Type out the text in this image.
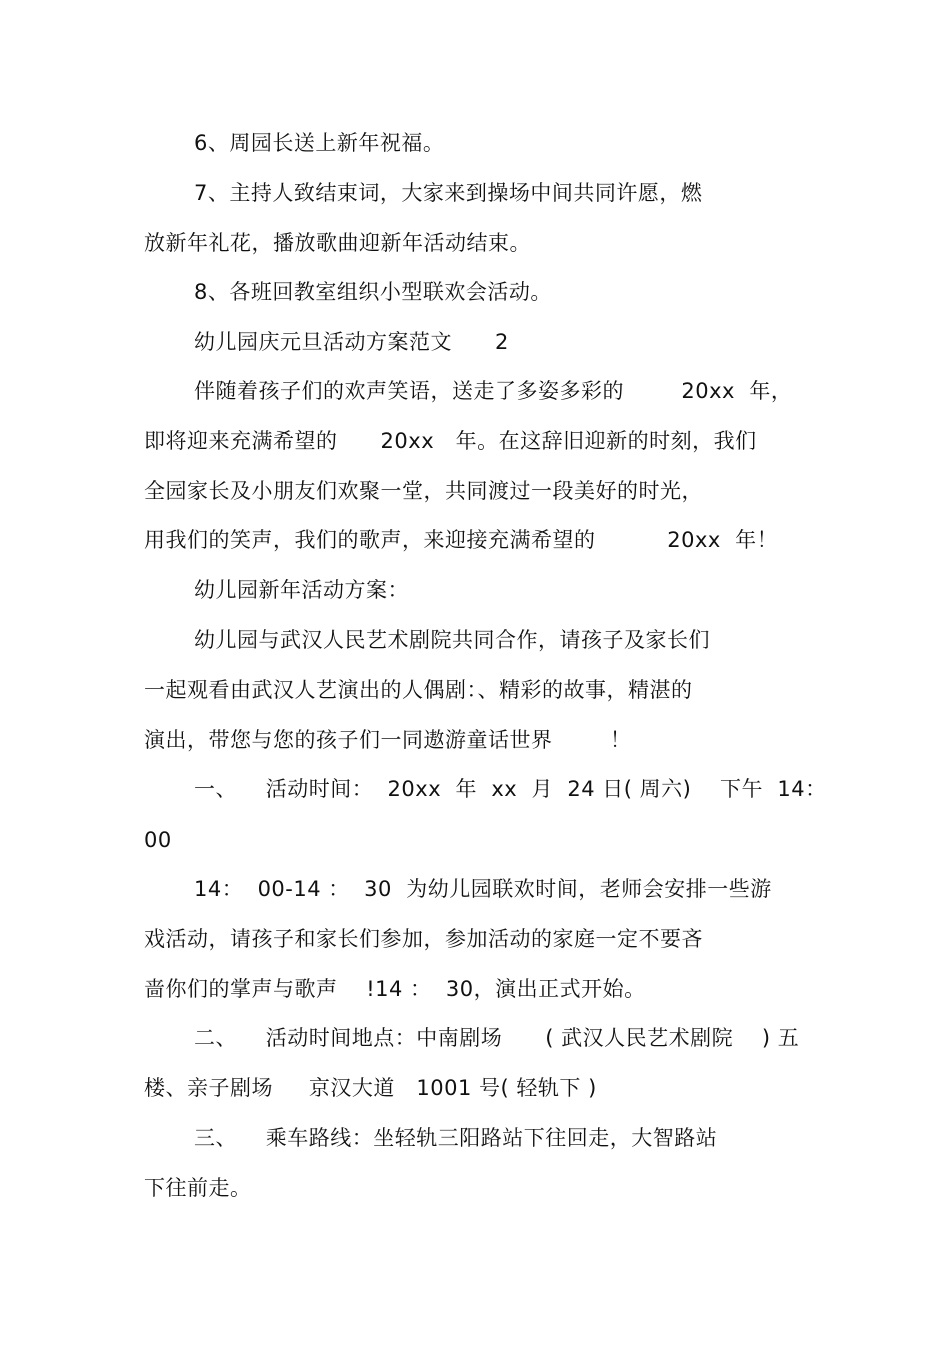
6、周园长送上新年祝福。
7、主持人致结束词，大家来到操场中间共同许愿，燃
放新年礼花，播放歌曲迎新年活动结束。
8、各班回教室组织小型联欢会活动。
幼儿园庆元旦活动方案范文      2
伴随着孩子们的欢声笑语，送走了多姿多彩的        20xx  年，
即将迎来充满希望的      20xx   年。在这辞旧迎新的时刻，我们
全园家长及小朋友们欢聚一堂，共同渡过一段美好的时光，
用我们的笑声，我们的歌声，来迎接充满希望的          20xx  年！
幼儿园新年活动方案：
幼儿园与武汉人民艺术剧院共同合作，请孩子及家长们
一起观看由武汉人艺演出的人偶剧：、精彩的故事，精湛的
演出，带您与您的孩子们一同遨游童话世界        ！
一、    活动时间：  20xx  年  xx  月  24 日( 周六)    下午  14：
00
14：  00-14 ：  30  为幼儿园联欢时间，老师会安排一些游
戏活动，请孩子和家长们参加，参加活动的家庭一定不要吝
啬你们的掌声与歌声    !14 ：  30，演出正式开始。
二、    活动时间地点：中南剧场      ( 武汉人民艺术剧院    ) 五
楼、亲子剧场     京汉大道   1001 号( 轻轨下 )
三、    乘车路线：坐轻轨三阳路站下往回走，大智路站
下往前走。
